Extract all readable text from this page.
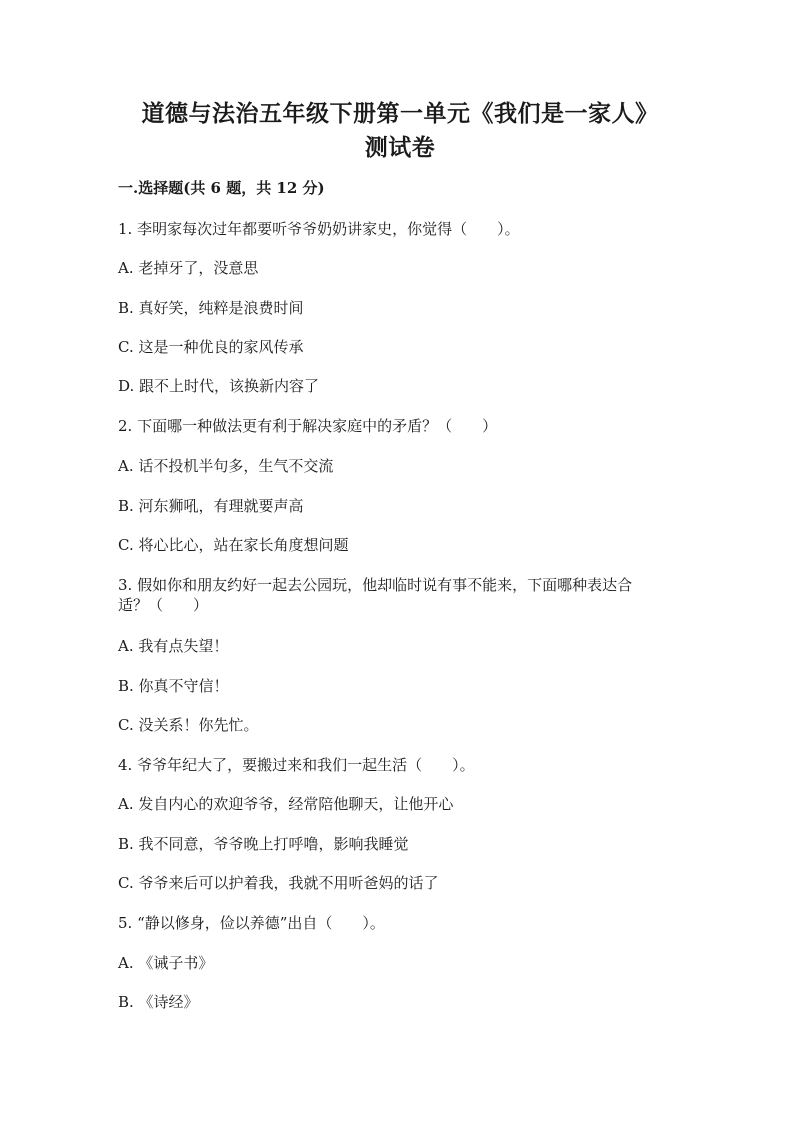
道德与法治五年级下册第一单元《我们是一家人》
测试卷

一.选择题(共 6 题，共 12 分)

1. 李明家每次过年都要听爷爷奶奶讲家史，你觉得（　　）。

A. 老掉牙了，没意思

B. 真好笑，纯粹是浪费时间

C. 这是一种优良的家风传承

D. 跟不上时代，该换新内容了

2. 下面哪一种做法更有利于解决家庭中的矛盾？（　　）

A. 话不投机半句多，生气不交流

B. 河东狮吼，有理就要声高

C. 将心比心，站在家长角度想问题

3. 假如你和朋友约好一起去公园玩，他却临时说有事不能来，下面哪种表达合

适？（　　）

A. 我有点失望！

B. 你真不守信！

C. 没关系！你先忙。

4. 爷爷年纪大了，要搬过来和我们一起生活（　　）。

A. 发自内心的欢迎爷爷，经常陪他聊天，让他开心

B. 我不同意，爷爷晚上打呼噜，影响我睡觉

C. 爷爷来后可以护着我，我就不用听爸妈的话了

5. “静以修身，俭以养德”出自（　　）。

A. 《诫子书》

B. 《诗经》
